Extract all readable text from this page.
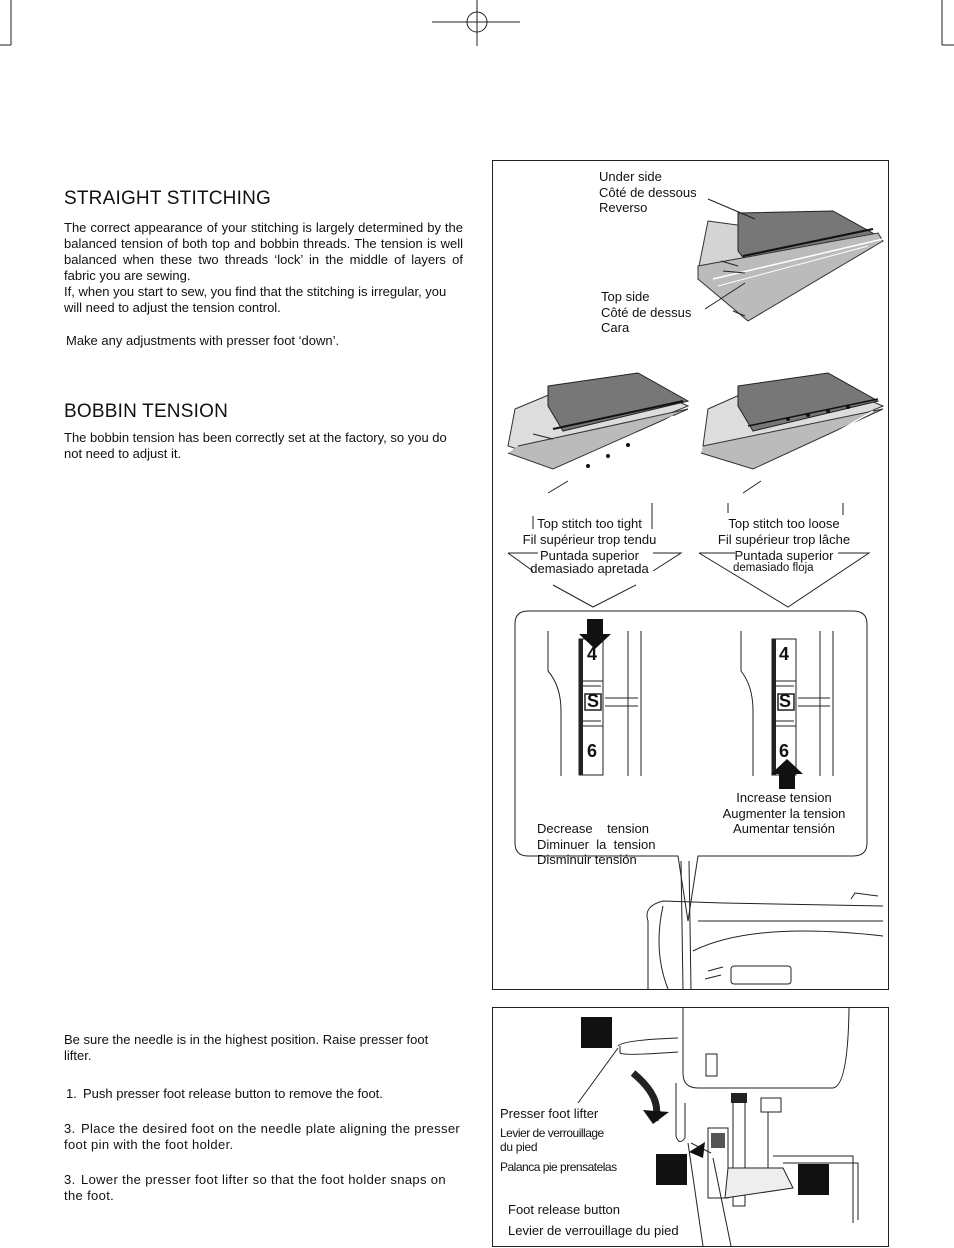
STRAIGHT STITCHING
The correct appearance of your stitching is largely determined by the balanced tension of both top and bobbin threads. The tension is well balanced when these two threads ‘lock’ in the middle of layers of fabric you are sewing.
If, when you start to sew, you find that the stitching is irregular, you will need to adjust the tension control.
Make any adjustments with presser foot ‘down’.
BOBBIN TENSION
The bobbin tension has been correctly set at the factory, so you do not need to adjust it.
Be sure the needle is in the highest position. Raise presser foot lifter.
1. Push presser foot release button to remove the foot.
3. Place the desired foot on the needle plate aligning the presser foot pin with the foot holder.
3. Lower the presser foot lifter so that the foot holder snaps on the foot.
Under side
Côté de dessous
Reverso
Top side
Côté de dessus
Cara
Top stitch too tight
Fil supérieur trop tendu
Puntada superior
demasiado apretada
Top stitch too loose
Fil supérieur trop lâche
Puntada superior
demasiado floja
4
S
6
4
S
6

Decrease    tension
Diminuer  la  tension
Disminuir tensión

Increase tension
Augmenter la tension
Aumentar tensión
Presser foot lifter
Levier de verrouillage
du pied
Palanca pie prensatelas
Foot release button
Levier de verrouillage du pied
